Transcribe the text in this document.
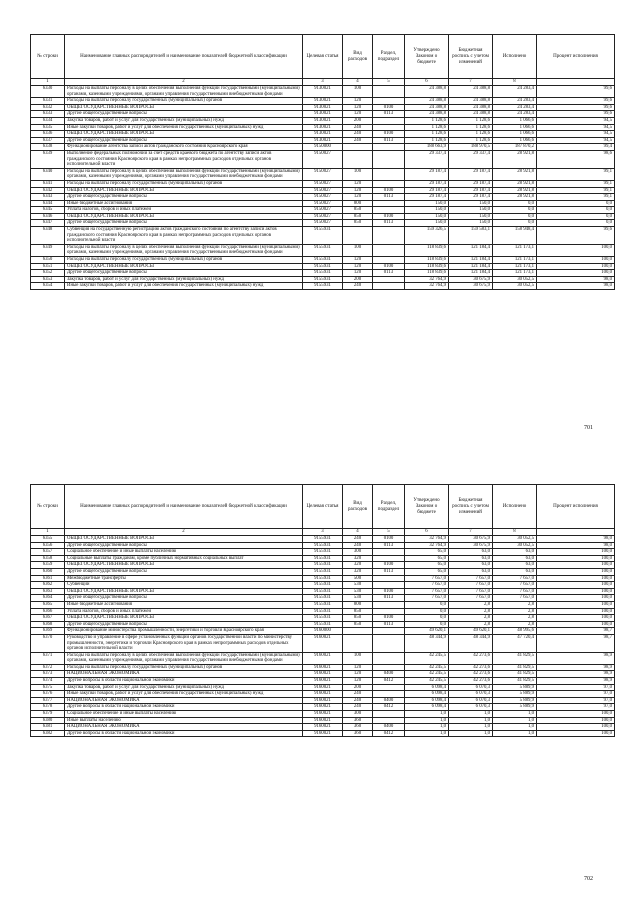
№ строки	Наименование главных распорядителей и наименование показателей бюджетной классификации	Целевая статья	Вид расходов	Раздел, подраздел	Утверждено Законом о бюджете	Бюджетная роспись с учетом изменений	Исполнено	Процент исполнения
1	2	3	4	5	6	7	8	
6330	Расходы на выплаты персоналу в целях обеспечения выполнения функций государственными (муниципальными) органами, казенными учреждениями, органами управления государственными внебюджетными фондами	9130021	100		24 388,8	24 388,8	24 283,4	99,6
6331	Расходы на выплаты персоналу государственных (муниципальных) органов	9130021	120		24 388,8	24 388,8	24 283,4	99,6
6332	ОБЩЕГОСУДАРСТВЕННЫЕ ВОПРОСЫ	9130021	120	0100	24 388,8	24 388,8	24 283,4	99,6
6333	Другие общегосударственные вопросы	9130021	120	0113	24 388,8	24 388,8	24 283,4	99,6
6334	Закупка товаров, работ и услуг для государственных (муниципальных) нужд	9130021	200		1 128,6	1 128,6	1 066,6	94,5
6335	Иные закупки товаров, работ и услуг для обеспечения государственных (муниципальных) нужд	9130021	240		1 128,6	1 128,6	1 066,6	94,5
6336	ОБЩЕГОСУДАРСТВЕННЫЕ ВОПРОСЫ	9130021	240	0100	1 128,6	1 128,6	1 066,6	94,5
6337	Другие общегосударственные вопросы	9130021	240	0113	1 128,6	1 128,6	1 066,6	94,5
6338	Функционирование агентства записи актов гражданского состояния Красноярского края	9150000			188 663,9	188 970,5	187 870,2	99,4
6339	Выполнение федеральных полномочий за счет средств краевого бюджета по агентству записи актов гражданского состояния Красноярского края в рамках непрограммных расходов отдельных органов исполнительной власти	9150027			29 337,4	29 337,4	28 921,8	98,6
6340	Расходы на выплаты персоналу в целях обеспечения выполнения функций государственными (муниципальными) органами, казенными учреждениями, органами управления государственными внебюджетными фондами	9150027	100		29 187,4	29 187,4	28 921,8	99,1
6341	Расходы на выплаты персоналу государственных (муниципальных) органов	9150027	120		29 187,4	29 187,4	28 921,8	99,1
6342	ОБЩЕГОСУДАРСТВЕННЫЕ ВОПРОСЫ	9150027	120	0100	29 187,4	29 187,4	28 921,8	99,1
6343	Другие общегосударственные вопросы	9150027	120	0113	29 187,4	29 187,4	28 921,8	99,1
6344	Иные бюджетные ассигнования	9150027	800		150,0	150,0	0,0	0,0
6345	Уплата налогов, сборов и иных платежей	9150027	850		150,0	150,0	0,0	0,0
6346	ОБЩЕГОСУДАРСТВЕННЫЕ ВОПРОСЫ	9150027	850	0100	150,0	150,0	0,0	0,0
6347	Другие общегосударственные вопросы	9150027	850	0113	150,0	150,0	0,0	0,0
6348	Субвенция на государственную регистрацию актов гражданского состояния по агентству записи актов гражданского состояния Красноярского края в рамках непрограммных расходов отдельных органов исполнительной власти	9155931			159 326,5	159 583,1	158 948,4	99,6
6349	Расходы на выплаты персоналу в целях обеспечения выполнения функций государственными (муниципальными) органами, казенными учреждениями, органами управления государственными внебюджетными фондами	9155931	100		118 839,6	121 184,4	121 173,1	100,0
6350	Расходы на выплаты персоналу государственных (муниципальных) органов	9155931	120		118 839,6	121 184,4	121 173,1	100,0
6351	ОБЩЕГОСУДАРСТВЕННЫЕ ВОПРОСЫ	9155931	120	0100	118 839,6	121 184,4	121 173,1	100,0
6352	Другие общегосударственные вопросы	9155931	120	0113	118 839,6	121 184,4	121 173,1	100,0
6353	Закупка товаров, работ и услуг для государственных (муниципальных) нужд	9155931	200		32 764,9	30 675,9	30 052,5	98,0
6354	Иные закупки товаров, работ и услуг для обеспечения государственных (муниципальных) нужд	9155931	240		32 764,9	30 675,9	30 052,5	98,0
701
№ строки	Наименование главных распорядителей и наименование показателей бюджетной классификации	Целевая статья	Вид расходов	Раздел, подраздел	Утверждено Законом о бюджете	Бюджетная роспись с учетом изменений	Исполнено	Процент исполнения
1	2	3	4	5	6	7	8	
6355	ОБЩЕГОСУДАРСТВЕННЫЕ ВОПРОСЫ	9155931	240	0100	32 764,9	30 675,9	30 052,5	98,0
6356	Другие общегосударственные вопросы	9155931	240	0113	32 764,9	30 675,9	30 052,5	98,0
6357	Социальное обеспечение и иные выплаты населению	9155931	300		65,0	63,0	63,0	100,0
6358	Социальные выплаты гражданам, кроме публичных нормативных социальных выплат	9155931	320		65,0	63,0	63,0	100,0
6359	ОБЩЕГОСУДАРСТВЕННЫЕ ВОПРОСЫ	9155931	320	0100	65,0	63,0	63,0	100,0
6360	Другие общегосударственные вопросы	9155931	320	0113	65,0	63,0	63,0	100,0
6361	Межбюджетные трансферты	9155931	500		7 657,0	7 657,0	7 657,0	100,0
6362	Субвенции	9155931	530		7 657,0	7 657,0	7 657,0	100,0
6363	ОБЩЕГОСУДАРСТВЕННЫЕ ВОПРОСЫ	9155931	530	0100	7 657,0	7 657,0	7 657,0	100,0
6364	Другие общегосударственные вопросы	9155931	530	0113	7 657,0	7 657,0	7 657,0	100,0
6365	Иные бюджетные ассигнования	9155931	800		0,0	2,8	2,8	100,0
6366	Уплата налогов, сборов и иных платежей	9155931	850		0,0	2,8	2,8	100,0
6367	ОБЩЕГОСУДАРСТВЕННЫЕ ВОПРОСЫ	9155931	850	0100	0,0	2,8	2,8	100,0
6368	Другие общегосударственные вопросы	9155931	850	0113	0,0	2,8	2,8	100,0
6369	Функционирование министерства промышленности, энергетики и торговли Красноярского края	9160000			49 620,1	49 620,1	48 995,6	98,7
6370	Руководство и управление в сфере установленных функций органов государственной власти по министерству промышленности, энергетики и торговли Красноярского края в рамках непрограммных расходов отдельных органов исполнительной власти	9160021			48 344,9	48 344,9	47 720,4	98,7
6371	Расходы на выплаты персоналу в целях обеспечения выполнения функций государственными (муниципальными) органами, казенными учреждениями, органами управления государственными внебюджетными фондами	9160021	100		42 245,5	42 273,6	41 829,5	98,9
6372	Расходы на выплаты персоналу государственных (муниципальных) органов	9160021	120		42 245,5	42 273,6	41 829,5	98,9
6373	НАЦИОНАЛЬНАЯ ЭКОНОМИКА	9160021	120	0400	42 245,5	42 273,6	41 829,5	98,9
6374	Другие вопросы в области национальной экономики	9160021	120	0412	42 245,5	42 273,6	41 829,5	98,9
6375	Закупка товаров, работ и услуг для государственных (муниципальных) нужд	9160021	200		6 098,4	6 070,3	5 889,9	97,0
6376	Иные закупки товаров, работ и услуг для обеспечения государственных (муниципальных) нужд	9160021	240		6 098,4	6 070,3	5 889,9	97,0
6377	НАЦИОНАЛЬНАЯ ЭКОНОМИКА	9160021	240	0400	6 098,4	6 070,3	5 889,9	97,0
6378	Другие вопросы в области национальной экономики	9160021	240	0412	6 098,4	6 070,3	5 889,9	97,0
6379	Социальное обеспечение и иные выплаты населению	9160021	300		1,0	1,0	1,0	100,0
6380	Иные выплаты населению	9160021	360		1,0	1,0	1,0	100,0
6381	НАЦИОНАЛЬНАЯ ЭКОНОМИКА	9160021	360	0400	1,0	1,0	1,0	100,0
6382	Другие вопросы в области национальной экономики	9160021	360	0412	1,0	1,0	1,0	100,0
702
